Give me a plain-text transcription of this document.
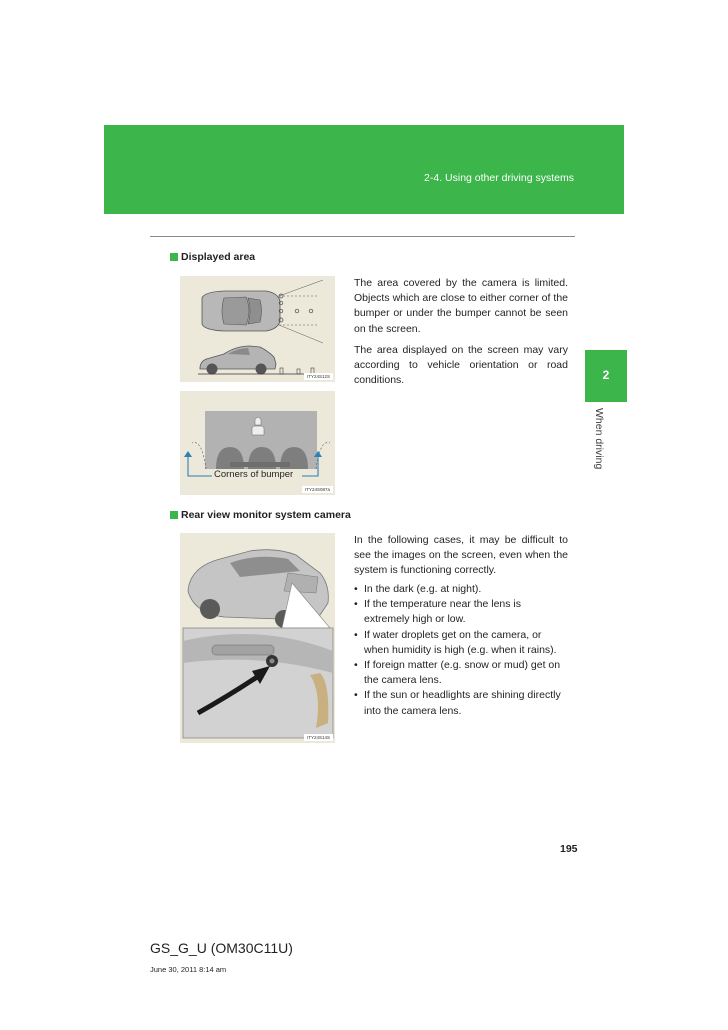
2-4. Using other driving systems
2
When driving
Displayed area
ITY24S12S
Corners of bumper
ITY24S087a

The area covered by the camera is limited. Objects which are close to either corner of the bumper or under the bumper cannot be seen on the screen.

The area displayed on the screen may vary according to vehicle orientation or road conditions.

Rear view monitor system camera
ITY24S14S
In the following cases, it may be difficult to see the images on the screen, even when the system is functioning correctly.
• In the dark (e.g. at night).
• If the temperature near the lens is extremely high or low.
• If water droplets get on the camera, or when humidity is high (e.g. when it rains).
• If foreign matter (e.g. snow or mud) get on the camera lens.
• If the sun or headlights are shining directly into the camera lens.
195
GS_G_U (OM30C11U)
June 30, 2011 8:14 am
